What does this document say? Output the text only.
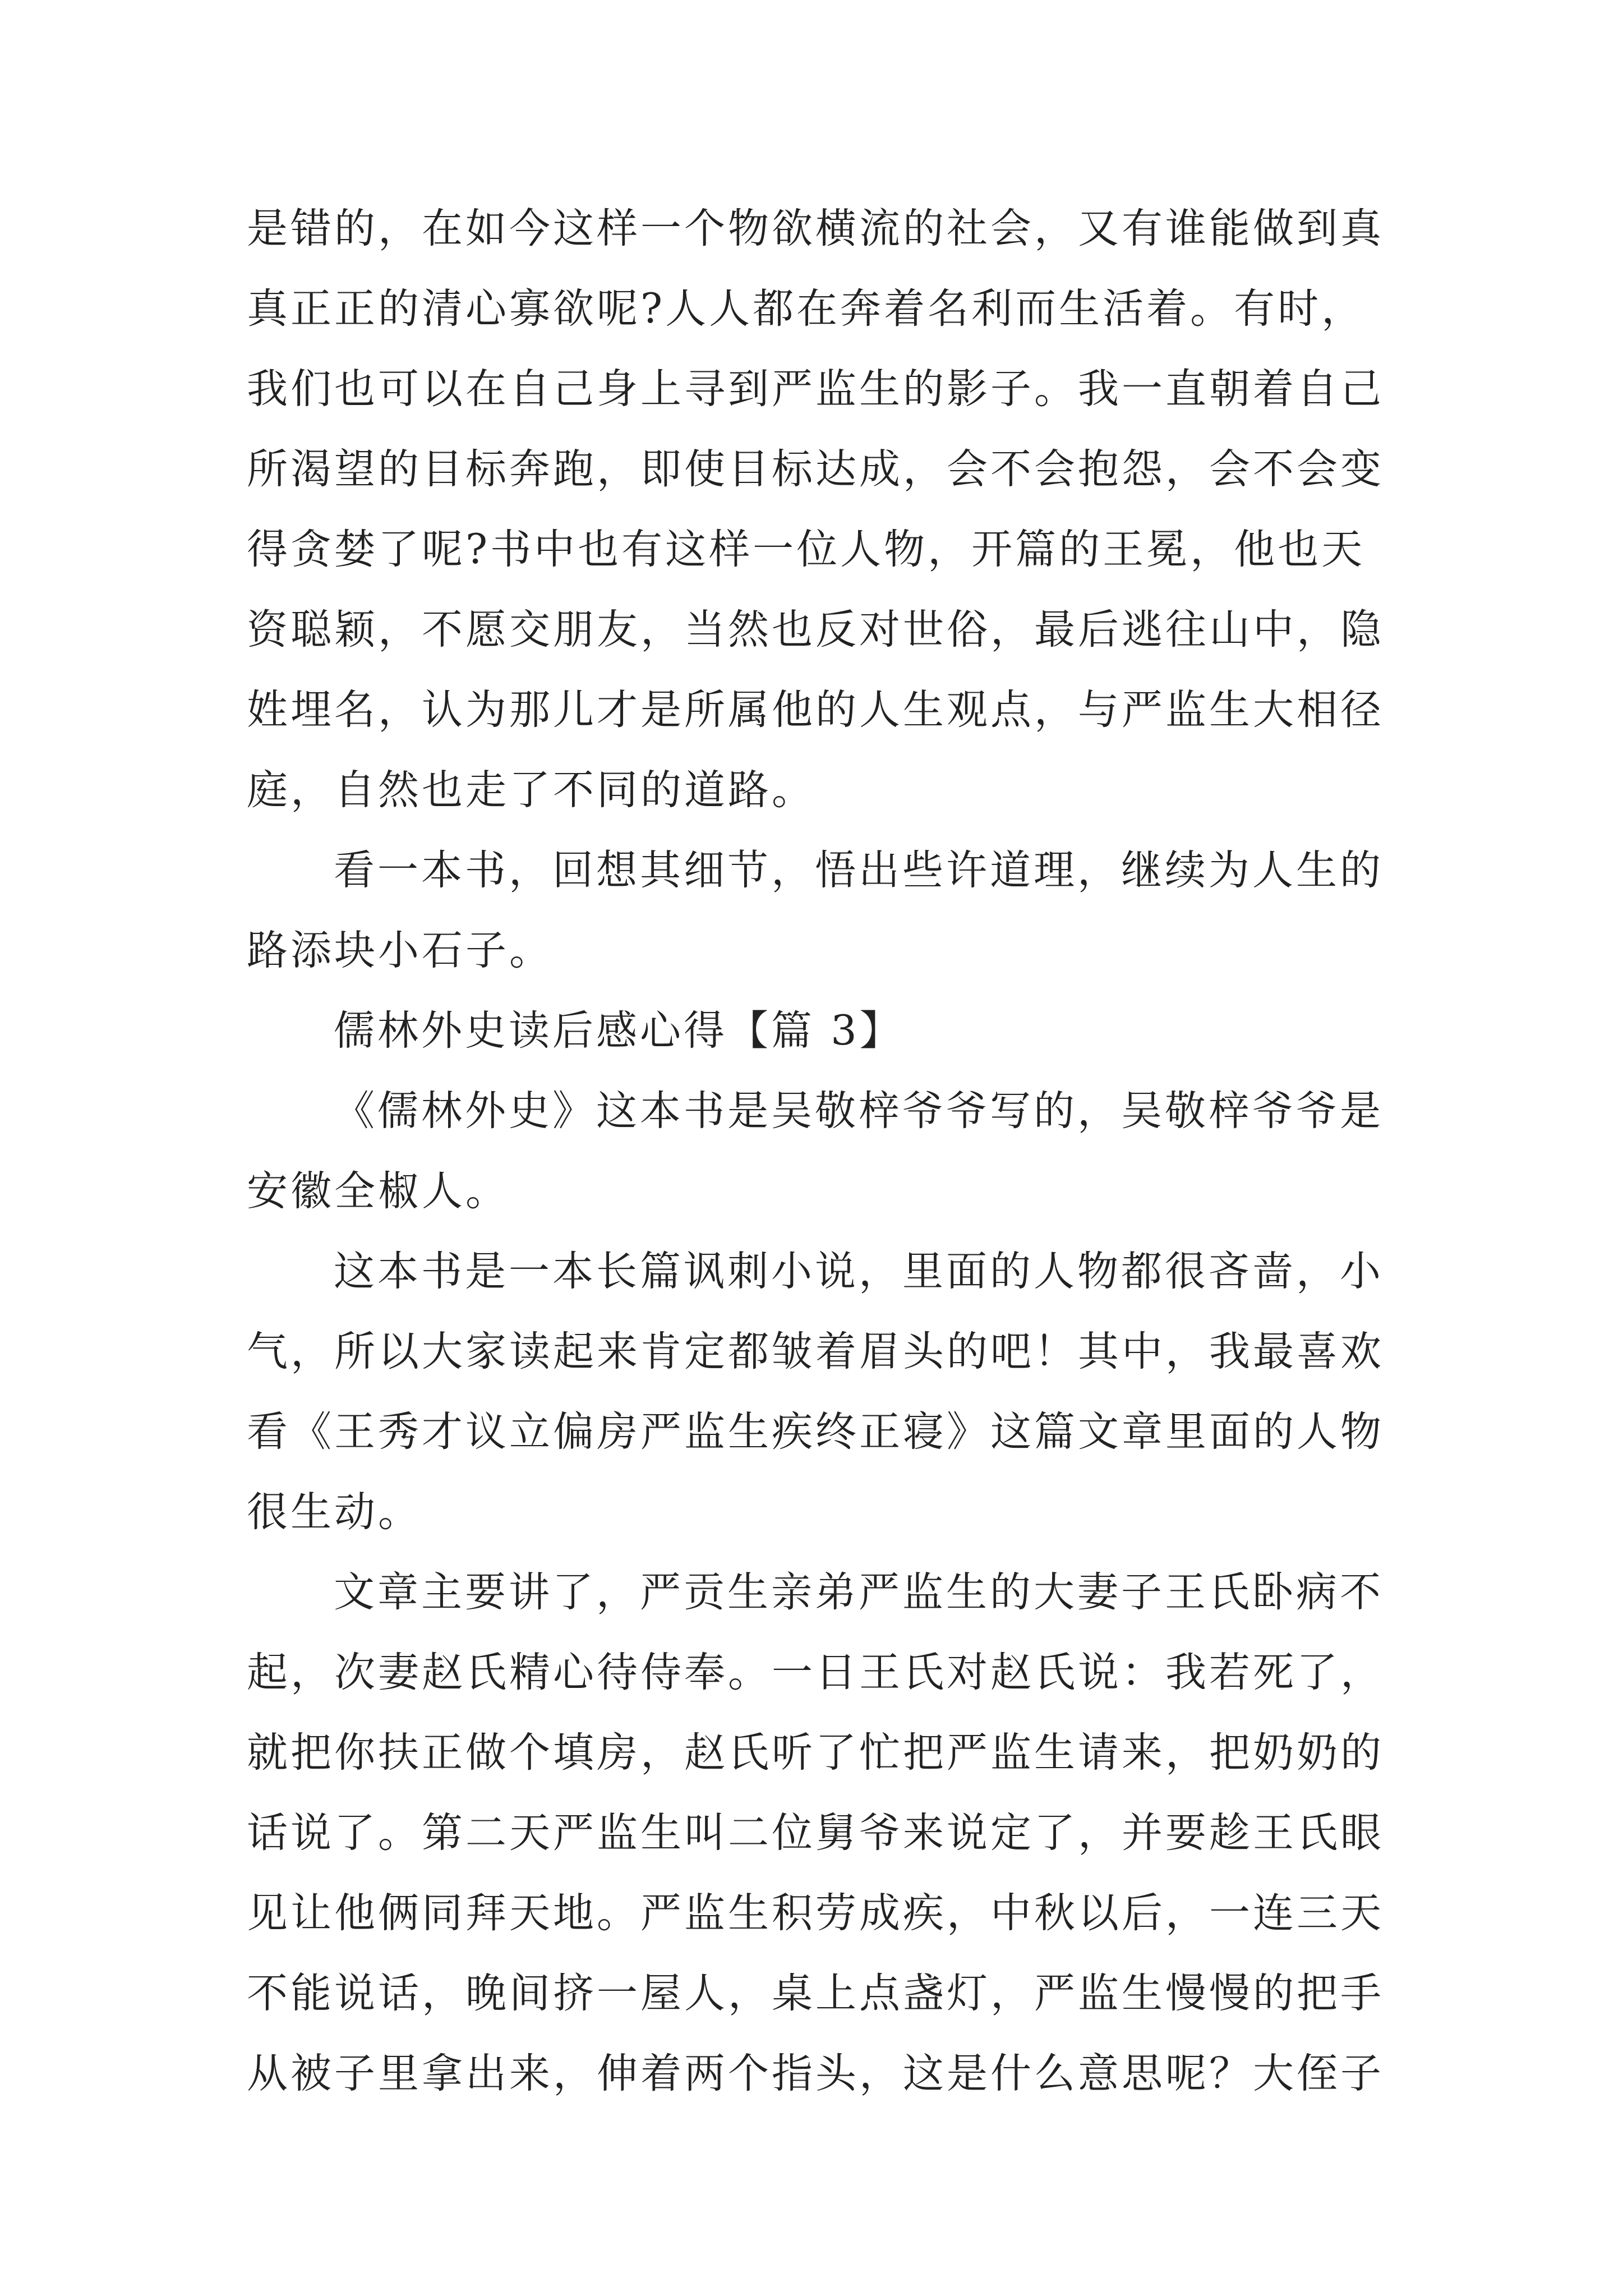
是错的，在如今这样一个物欲横流的社会，又有谁能做到真
真正正的清心寡欲呢?人人都在奔着名利而生活着。有时，
我们也可以在自己身上寻到严监生的影子。我一直朝着自己
所渴望的目标奔跑，即使目标达成，会不会抱怨，会不会变
得贪婪了呢?书中也有这样一位人物，开篇的王冕，他也天
资聪颖，不愿交朋友，当然也反对世俗，最后逃往山中，隐
姓埋名，认为那儿才是所属他的人生观点，与严监生大相径
庭，自然也走了不同的道路。
看一本书，回想其细节，悟出些许道理，继续为人生的
路添块小石子。
儒林外史读后感心得【篇 3】
《儒林外史》这本书是吴敬梓爷爷写的，吴敬梓爷爷是
安徽全椒人。
这本书是一本长篇讽刺小说，里面的人物都很吝啬，小
气，所以大家读起来肯定都皱着眉头的吧！其中，我最喜欢
看《王秀才议立偏房严监生疾终正寝》这篇文章里面的人物
很生动。
文章主要讲了，严贡生亲弟严监生的大妻子王氏卧病不
起，次妻赵氏精心待侍奉。一日王氏对赵氏说：我若死了，
就把你扶正做个填房，赵氏听了忙把严监生请来，把奶奶的
话说了。第二天严监生叫二位舅爷来说定了，并要趁王氏眼
见让他俩同拜天地。严监生积劳成疾，中秋以后，一连三天
不能说话，晚间挤一屋人，桌上点盏灯，严监生慢慢的把手
从被子里拿出来，伸着两个指头，这是什么意思呢？大侄子
